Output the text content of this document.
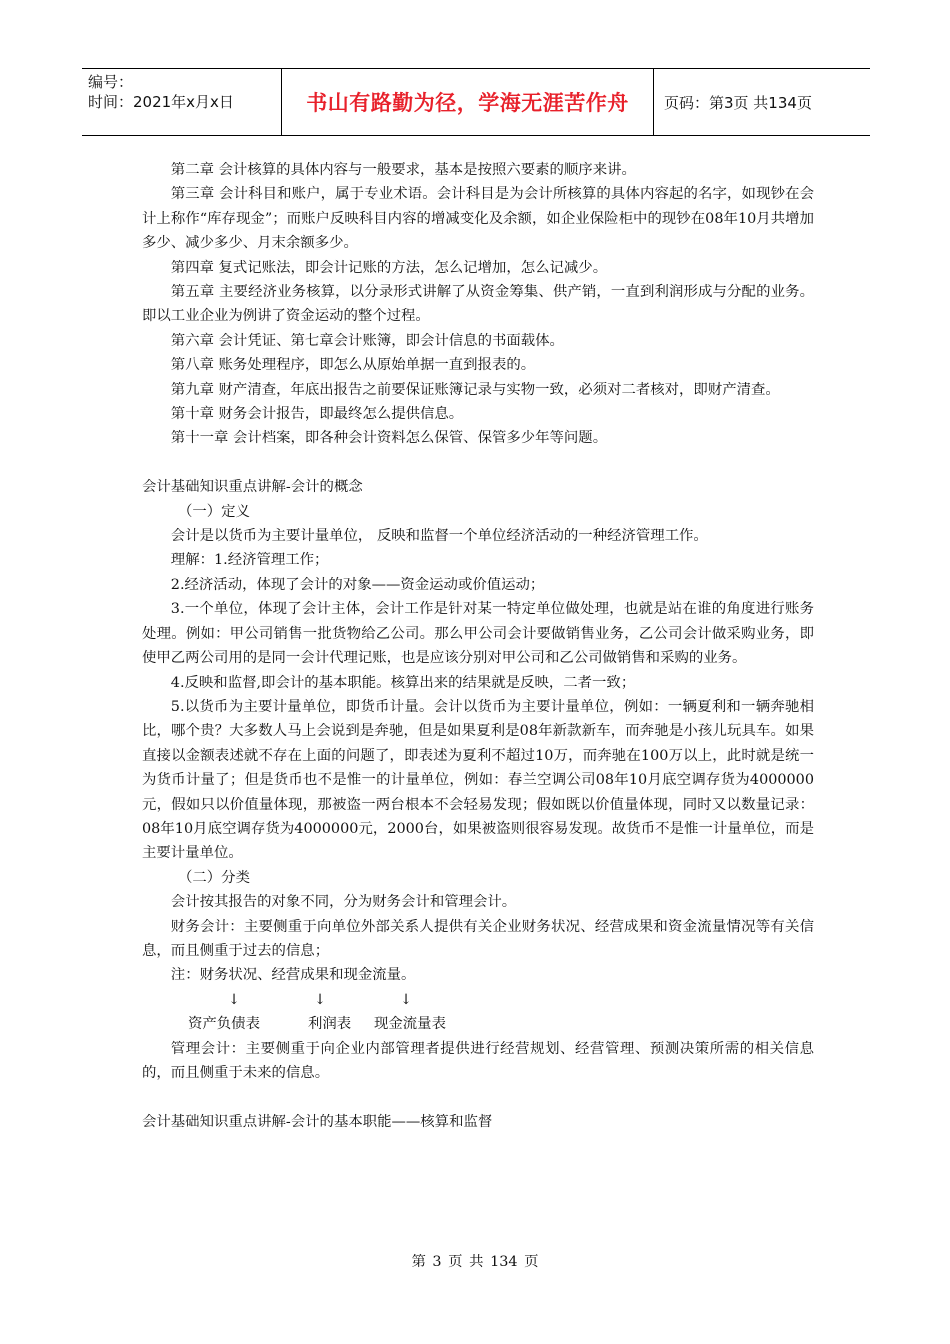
编号：
时间：2021年x月x日	书山有路勤为径，学海无涯苦作舟	页码：第3页 共134页

第二章 会计核算的具体内容与一般要求，基本是按照六要素的顺序来讲。

第三章 会计科目和账户，属于专业术语。会计科目是为会计所核算的具体内容起的名字，如现钞在会计上称作“库存现金”；而账户反映科目内容的增减变化及余额，如企业保险柜中的现钞在08年10月共增加多少、减少多少、月末余额多少。

第四章 复式记账法，即会计记账的方法，怎么记增加，怎么记减少。

第五章 主要经济业务核算，以分录形式讲解了从资金筹集、供产销，一直到利润形成与分配的业务。即以工业企业为例讲了资金运动的整个过程。

第六章 会计凭证、第七章会计账簿，即会计信息的书面载体。

第八章 账务处理程序，即怎么从原始单据一直到报表的。

第九章 财产清查，年底出报告之前要保证账簿记录与实物一致，必须对二者核对，即财产清查。

第十章 财务会计报告，即最终怎么提供信息。

第十一章 会计档案，即各种会计资料怎么保管、保管多少年等问题。

会计基础知识重点讲解-会计的概念

（一）定义

会计是以货币为主要计量单位， 反映和监督一个单位经济活动的一种经济管理工作。

理解：1.经济管理工作；

2.经济活动，体现了会计的对象——资金运动或价值运动；

3.一个单位，体现了会计主体，会计工作是针对某一特定单位做处理，也就是站在谁的角度进行账务处理。例如：甲公司销售一批货物给乙公司。那么甲公司会计要做销售业务，乙公司会计做采购业务，即使甲乙两公司用的是同一会计代理记账，也是应该分别对甲公司和乙公司做销售和采购的业务。

4.反映和监督,即会计的基本职能。核算出来的结果就是反映，二者一致；

5.以货币为主要计量单位，即货币计量。会计以货币为主要计量单位，例如：一辆夏利和一辆奔驰相比，哪个贵？大多数人马上会说到是奔驰，但是如果夏利是08年新款新车，而奔驰是小孩儿玩具车。如果直接以金额表述就不存在上面的问题了，即表述为夏利不超过10万，而奔驰在100万以上，此时就是统一为货币计量了；但是货币也不是惟一的计量单位，例如：春兰空调公司08年10月底空调存货为4000000元，假如只以价值量体现，那被盗一两台根本不会轻易发现；假如既以价值量体现，同时又以数量记录：08年10月底空调存货为4000000元，2000台，如果被盗则很容易发现。故货币不是惟一计量单位，而是主要计量单位。

（二）分类

会计按其报告的对象不同，分为财务会计和管理会计。

财务会计：主要侧重于向单位外部关系人提供有关企业财务状况、经营成果和资金流量情况等有关信息，而且侧重于过去的信息；

注：财务状况、经营成果和现金流量。

↓	↓	↓
资产负债表	利润表 现金流量表

管理会计：主要侧重于向企业内部管理者提供进行经营规划、经营管理、预测决策所需的相关信息的，而且侧重于未来的信息。

会计基础知识重点讲解-会计的基本职能——核算和监督

第 3 页 共 134 页
